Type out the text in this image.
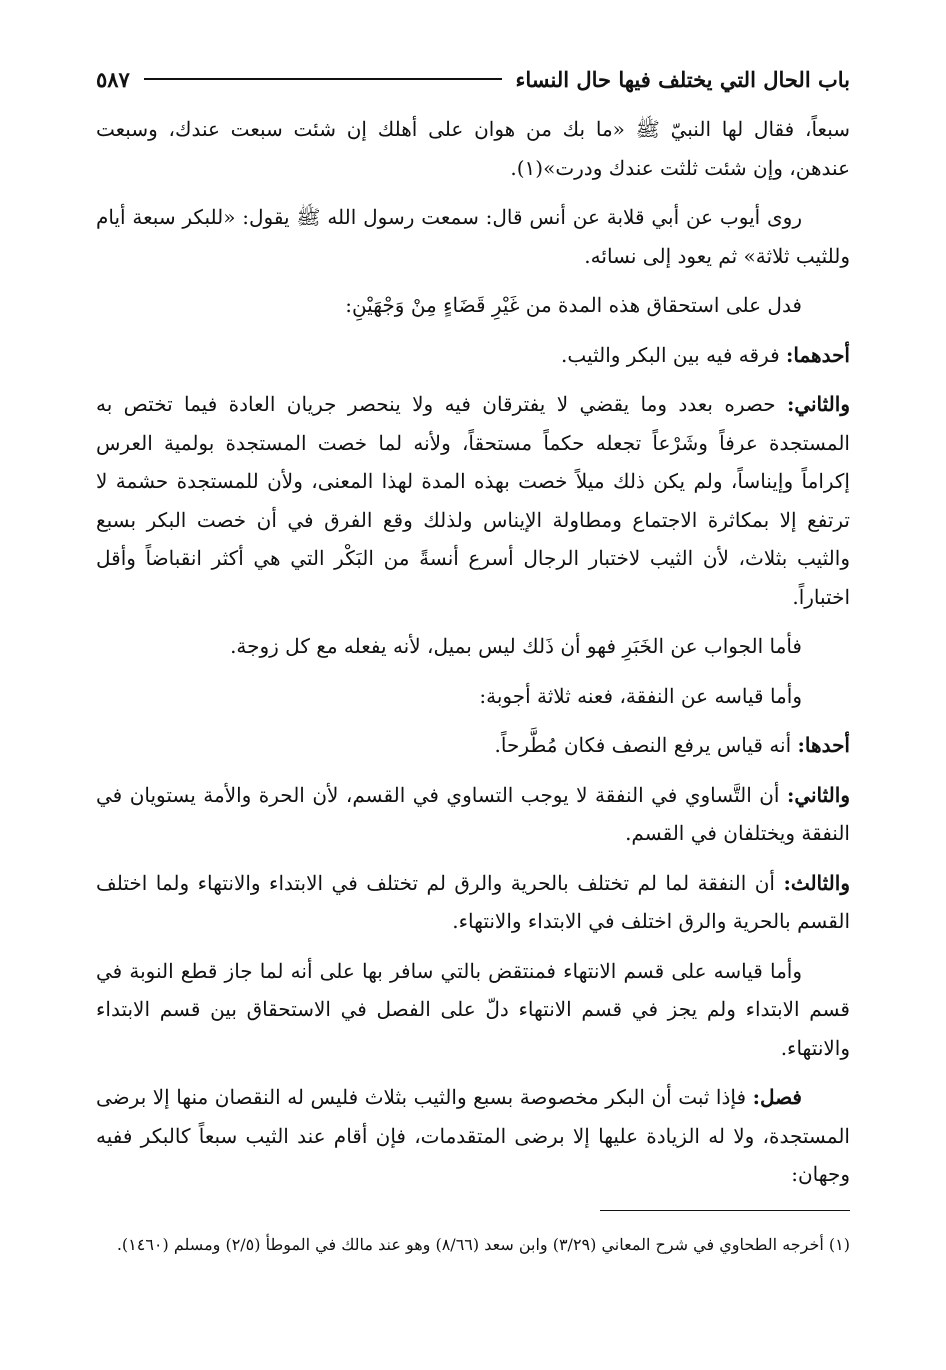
باب الحال التي يختلف فيها حال النساء
٥٨٧

سبعاً، فقال لها النبيّ ﷺ «ما بك من هوان على أهلك إن شئت سبعت عندك، وسبعت عندهن، وإن شئت ثلثت عندك ودرت»(١).

روى أيوب عن أبي قلابة عن أنس قال: سمعت رسول الله ﷺ يقول: «للبكر سبعة أيام وللثيب ثلاثة» ثم يعود إلى نسائه.

فدل على استحقاق هذه المدة من غَيْرِ قَضَاءٍ مِنْ وَجْهَيْنِ:

أحدهما: فرقه فيه بين البكر والثيب.

والثاني: حصره بعدد وما يقضي لا يفترقان فيه ولا ينحصر جريان العادة فيما تختص به المستجدة عرفاً وشَرْعاً تجعله حكماً مستحقاً، ولأنه لما خصت المستجدة بولمية العرس إكراماً وإيناساً، ولم يكن ذلك ميلاً خصت بهذه المدة لهذا المعنى، ولأن للمستجدة حشمة لا ترتفع إلا بمكاثرة الاجتماع ومطاولة الإيناس ولذلك وقع الفرق في أن خصت البكر بسبع والثيب بثلاث، لأن الثيب لاختبار الرجال أسرع أنسةً من البَكْر التي هي أكثر انقباضاً وأقل اختباراً.

فأما الجواب عن الخَبَرِ فهو أن ذَلك ليس بميل، لأنه يفعله مع كل زوجة.

وأما قياسه عن النفقة، فعنه ثلاثة أجوبة:

أحدها: أنه قياس يرفع النصف فكان مُطَّرحاً.

والثاني: أن التَّساوي في النفقة لا يوجب التساوي في القسم، لأن الحرة والأمة يستويان في النفقة ويختلفان في القسم.

والثالث: أن النفقة لما لم تختلف بالحرية والرق لم تختلف في الابتداء والانتهاء ولما اختلف القسم بالحرية والرق اختلف في الابتداء والانتهاء.

وأما قياسه على قسم الانتهاء فمنتقض بالتي سافر بها على أنه لما جاز قطع النوبة في قسم الابتداء ولم يجز في قسم الانتهاء دلّ على الفصل في الاستحقاق بين قسم الابتداء والانتهاء.

فصل: فإذا ثبت أن البكر مخصوصة بسبع والثيب بثلاث فليس له النقصان منها إلا برضى المستجدة، ولا له الزيادة عليها إلا برضى المتقدمات، فإن أقام عند الثيب سبعاً كالبكر ففيه وجهان:

(١) أخرجه الطحاوي في شرح المعاني (٣/٢٩) وابن سعد (٨/٦٦) وهو عند مالك في الموطأ (٢/٥) ومسلم (١٤٦٠).
